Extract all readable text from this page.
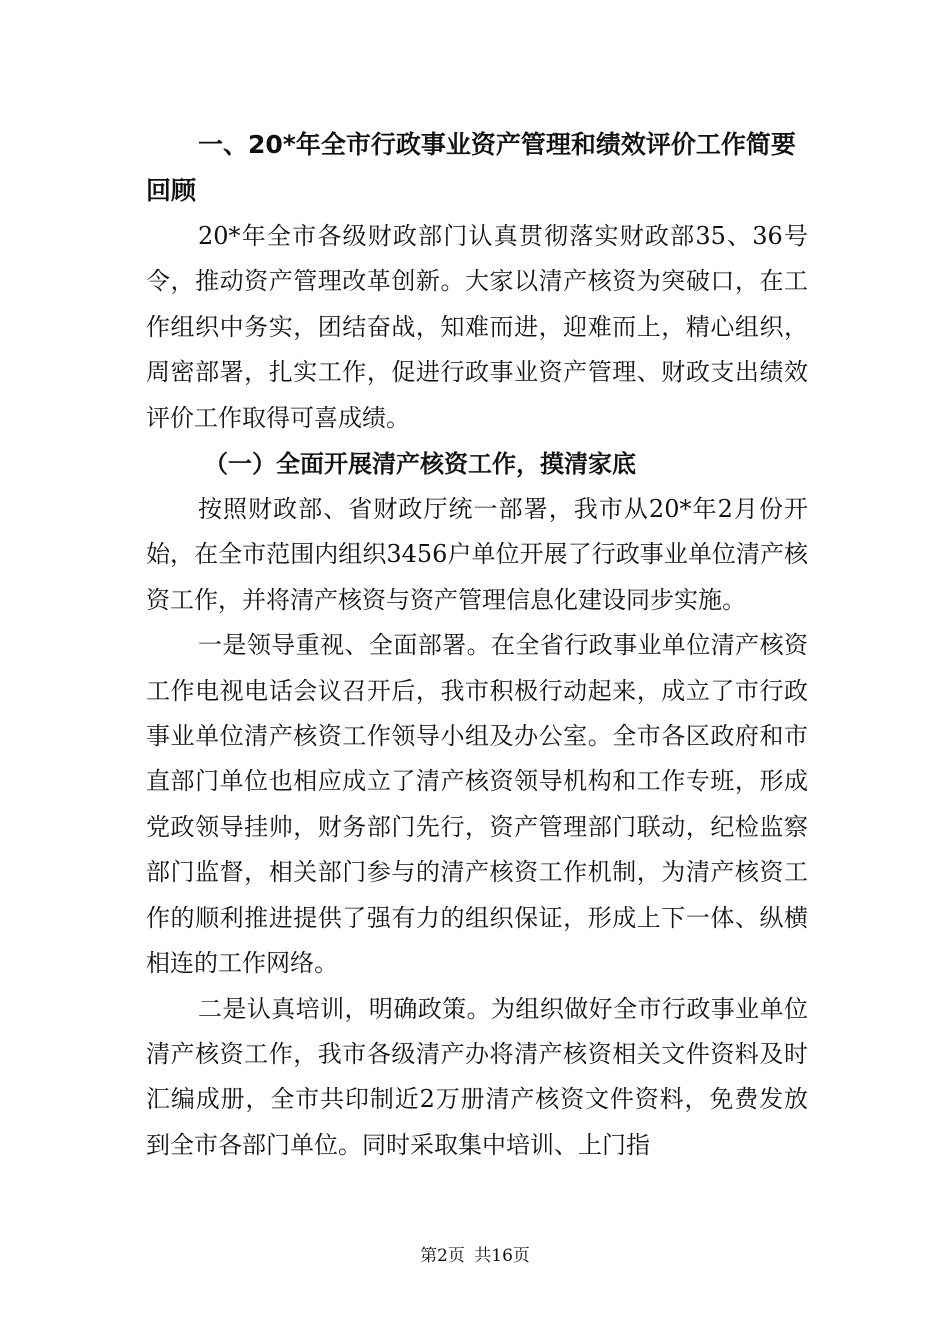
一、20*年全市行政事业资产管理和绩效评价工作简要回顾

20*年全市各级财政部门认真贯彻落实财政部35、36号令，推动资产管理改革创新。大家以清产核资为突破口，在工作组织中务实，团结奋战，知难而进，迎难而上，精心组织，周密部署，扎实工作，促进行政事业资产管理、财政支出绩效评价工作取得可喜成绩。

（一）全面开展清产核资工作，摸清家底

按照财政部、省财政厅统一部署，我市从20*年2月份开始，在全市范围内组织3456户单位开展了行政事业单位清产核资工作，并将清产核资与资产管理信息化建设同步实施。

一是领导重视、全面部署。在全省行政事业单位清产核资工作电视电话会议召开后，我市积极行动起来，成立了市行政事业单位清产核资工作领导小组及办公室。全市各区政府和市直部门单位也相应成立了清产核资领导机构和工作专班，形成党政领导挂帅，财务部门先行，资产管理部门联动，纪检监察部门监督，相关部门参与的清产核资工作机制，为清产核资工作的顺利推进提供了强有力的组织保证，形成上下一体、纵横相连的工作网络。

二是认真培训，明确政策。为组织做好全市行政事业单位清产核资工作，我市各级清产办将清产核资相关文件资料及时汇编成册，全市共印制近2万册清产核资文件资料，免费发放到全市各部门单位。同时采取集中培训、上门指

第2页 共16页
